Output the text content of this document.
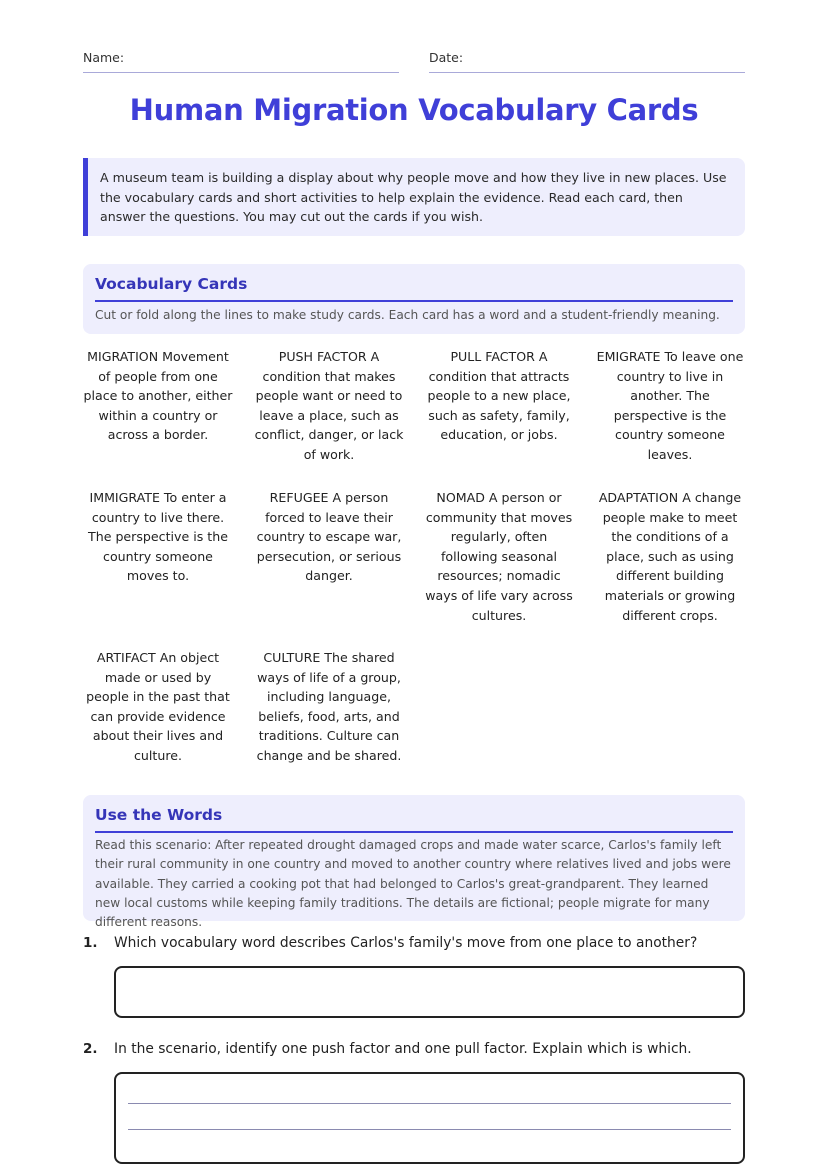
Name:	Date:
Human Migration Vocabulary Cards
A museum team is building a display about why people move and how they live in new places. Use the vocabulary cards and short activities to help explain the evidence. Read each card, then answer the questions. You may cut out the cards if you wish.
Vocabulary Cards
Cut or fold along the lines to make study cards. Each card has a word and a student-friendly meaning.
MIGRATION Movement of people from one place to another, either within a country or across a border.
PUSH FACTOR A condition that makes people want or need to leave a place, such as conflict, danger, or lack of work.
PULL FACTOR A condition that attracts people to a new place, such as safety, family, education, or jobs.
EMIGRATE To leave one country to live in another. The perspective is the country someone leaves.
IMMIGRATE To enter a country to live there. The perspective is the country someone moves to.
REFUGEE A person forced to leave their country to escape war, persecution, or serious danger.
NOMAD A person or community that moves regularly, often following seasonal resources; nomadic ways of life vary across cultures.
ADAPTATION A change people make to meet the conditions of a place, such as using different building materials or growing different crops.
ARTIFACT An object made or used by people in the past that can provide evidence about their lives and culture.
CULTURE The shared ways of life of a group, including language, beliefs, food, arts, and traditions. Culture can change and be shared.
Use the Words
Read this scenario: After repeated drought damaged crops and made water scarce, Carlos's family left their rural community in one country and moved to another country where relatives lived and jobs were available. They carried a cooking pot that had belonged to Carlos's great-grandparent. They learned new local customs while keeping family traditions. The details are fictional; people migrate for many different reasons.
1. Which vocabulary word describes Carlos's family's move from one place to another?
2. In the scenario, identify one push factor and one pull factor. Explain which is which.
